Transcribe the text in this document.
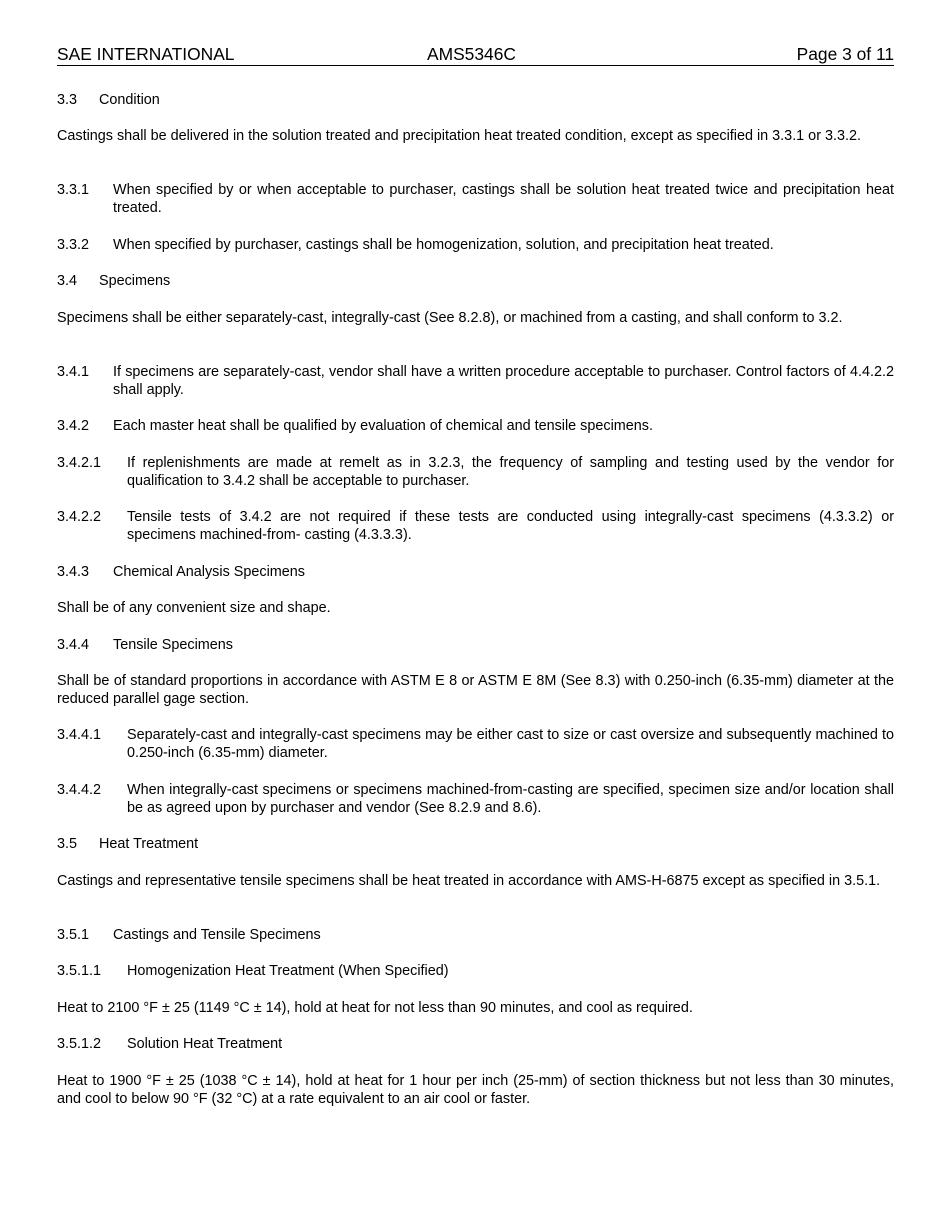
SAE INTERNATIONAL	AMS5346C	Page 3 of 11
3.3 Condition
Castings shall be delivered in the solution treated and precipitation heat treated condition, except as specified in 3.3.1 or 3.3.2.
3.3.1 When specified by or when acceptable to purchaser, castings shall be solution heat treated twice and precipitation heat treated.
3.3.2 When specified by purchaser, castings shall be homogenization, solution, and precipitation heat treated.
3.4 Specimens
Specimens shall be either separately-cast, integrally-cast (See 8.2.8), or machined from a casting, and shall conform to 3.2.
3.4.1 If specimens are separately-cast, vendor shall have a written procedure acceptable to purchaser. Control factors of 4.4.2.2 shall apply.
3.4.2 Each master heat shall be qualified by evaluation of chemical and tensile specimens.
3.4.2.1 If replenishments are made at remelt as in 3.2.3, the frequency of sampling and testing used by the vendor for qualification to 3.4.2 shall be acceptable to purchaser.
3.4.2.2 Tensile tests of 3.4.2 are not required if these tests are conducted using integrally-cast specimens (4.3.3.2) or specimens machined-from- casting (4.3.3.3).
3.4.3 Chemical Analysis Specimens
Shall be of any convenient size and shape.
3.4.4 Tensile Specimens
Shall be of standard proportions in accordance with ASTM E 8 or ASTM E 8M (See 8.3) with 0.250-inch (6.35-mm) diameter at the reduced parallel gage section.
3.4.4.1 Separately-cast and integrally-cast specimens may be either cast to size or cast oversize and subsequently machined to 0.250-inch (6.35-mm) diameter.
3.4.4.2 When integrally-cast specimens or specimens machined-from-casting are specified, specimen size and/or location shall be as agreed upon by purchaser and vendor (See 8.2.9 and 8.6).
3.5 Heat Treatment
Castings and representative tensile specimens shall be heat treated in accordance with AMS-H-6875 except as specified in 3.5.1.
3.5.1 Castings and Tensile Specimens
3.5.1.1 Homogenization Heat Treatment (When Specified)
Heat to 2100 °F ± 25 (1149 °C ± 14), hold at heat for not less than 90 minutes, and cool as required.
3.5.1.2 Solution Heat Treatment
Heat to 1900 °F ± 25 (1038 °C ± 14), hold at heat for 1 hour per inch (25-mm) of section thickness but not less than 30 minutes, and cool to below 90 °F (32 °C) at a rate equivalent to an air cool or faster.
